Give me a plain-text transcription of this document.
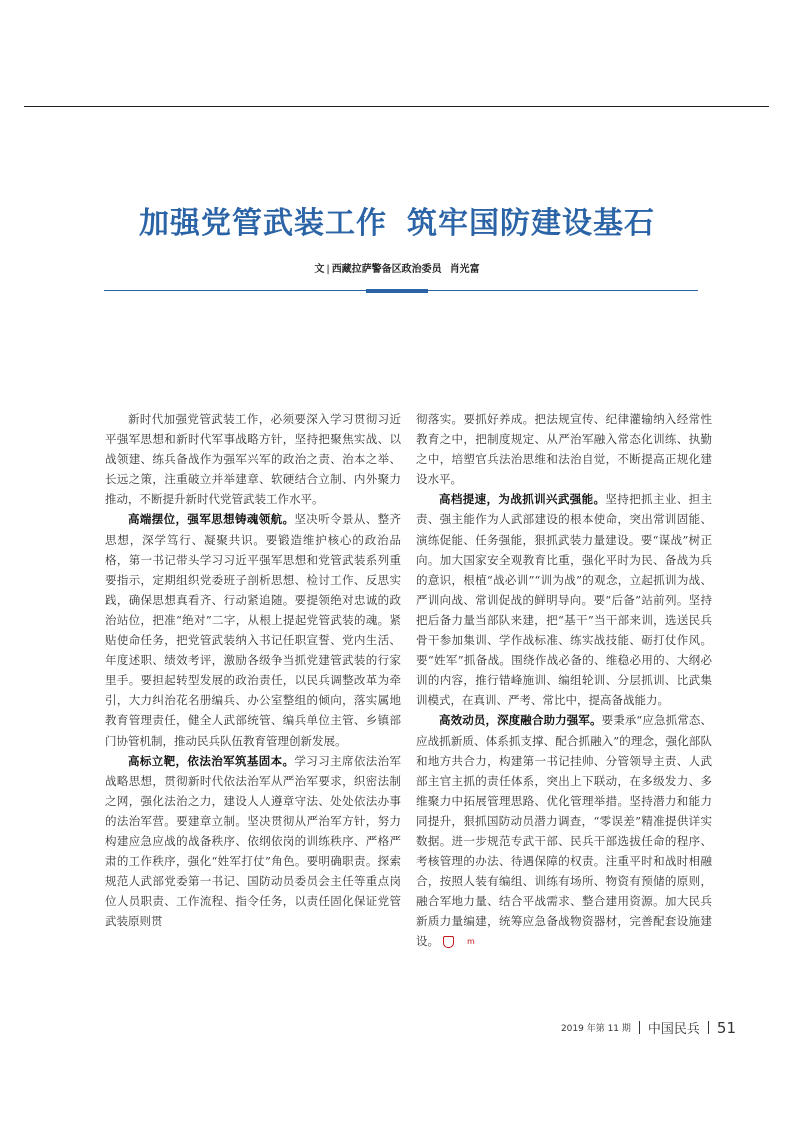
加强党管武装工作 筑牢国防建设基石
文 | 西藏拉萨警备区政治委员 肖光富

新时代加强党管武装工作，必须要深入学习贯彻习近平强军思想和新时代军事战略方针，坚持把聚焦实战、以战领建、练兵备战作为强军兴军的政治之责、治本之举、长远之策，注重破立并举建章、软硬结合立制、内外聚力推动，不断提升新时代党管武装工作水平。

高端摆位，强军思想铸魂领航。坚决听令景从、整齐思想，深学笃行、凝聚共识。要锻造维护核心的政治品格，第一书记带头学习习近平强军思想和党管武装系列重要指示，定期组织党委班子剖析思想、检讨工作、反思实践，确保思想真看齐、行动紧追随。要提领绝对忠诚的政治站位，把准“绝对”二字，从根上提起党管武装的魂。紧贴使命任务，把党管武装纳入书记任职宣誓、党内生活、年度述职、绩效考评，激励各级争当抓党建管武装的行家里手。要担起转型发展的政治责任，以民兵调整改革为牵引，大力纠治花名册编兵、办公室整组的倾向，落实属地教育管理责任，健全人武部统管、编兵单位主管、乡镇部门协管机制，推动民兵队伍教育管理创新发展。

高标立靶，依法治军筑基固本。学习习主席依法治军战略思想，贯彻新时代依法治军从严治军要求，织密法制之网，强化法治之力，建设人人遵章守法、处处依法办事的法治军营。要建章立制。坚决贯彻从严治军方针，努力构建应急应战的战备秩序、依纲依岗的训练秩序、严格严肃的工作秩序，强化“姓军打仗”角色。要明确职责。探索规范人武部党委第一书记、国防动员委员会主任等重点岗位人员职责、工作流程、指令任务，以责任固化保证党管武装原则贯

彻落实。要抓好养成。把法规宣传、纪律灌输纳入经常性教育之中，把制度规定、从严治军融入常态化训练、执勤之中，培塑官兵法治思维和法治自觉，不断提高正规化建设水平。

高档提速，为战抓训兴武强能。坚持把抓主业、担主责、强主能作为人武部建设的根本使命，突出常训固能、演练促能、任务强能，狠抓武装力量建设。要“谋战”树正向。加大国家安全观教育比重，强化平时为民、备战为兵的意识，根植“战必训”“训为战”的观念，立起抓训为战、严训向战、常训促战的鲜明导向。要“后备”站前列。坚持把后备力量当部队来建，把“基干”当干部来训，选送民兵骨干参加集训、学作战标准、练实战技能、砺打仗作风。要“姓军”抓备战。围绕作战必备的、维稳必用的、大纲必训的内容，推行错峰施训、编组轮训、分层抓训、比武集训模式，在真训、严考、常比中，提高备战能力。

高效动员，深度融合助力强军。要秉承“应急抓常态、应战抓新质、体系抓支撑、配合抓融入”的理念，强化部队和地方共合力，构建第一书记挂帅、分管领导主责、人武部主官主抓的责任体系，突出上下联动，在多级发力、多维聚力中拓展管理思路、优化管理举措。坚持潜力和能力同提升，狠抓国防动员潜力调查，“零误差”精准提供详实数据。进一步规范专武干部、民兵干部选拔任命的程序、考核管理的办法、待遇保障的权责。注重平时和战时相融合，按照人装有编组、训练有场所、物资有预储的原则，融合军地力量、结合平战需求、整合建用资源。加大民兵新质力量编建，统筹应急备战物资器材，完善配套设施建设。	m

2019 年第 11 期 中国民兵 51
